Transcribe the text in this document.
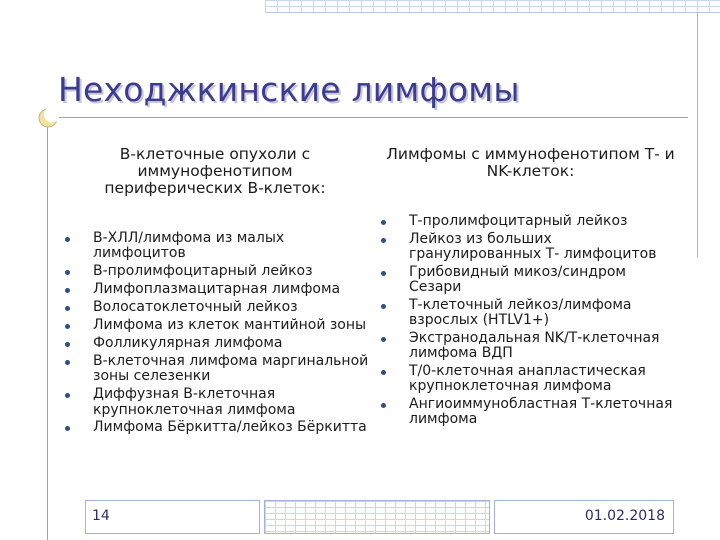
Неходжкинские лимфомы
В-клеточные опухоли с иммунофенотипом периферических В-клеток:
Лимфомы с иммунофенотипом Т- и NK-клеток:
В-ХЛЛ/лимфома из малых лимфоцитов
В-пролимфоцитарный лейкоз
Лимфоплазмацитарная лимфома
Волосатоклеточный лейкоз
Лимфома из клеток мантийной зоны
Фолликулярная лимфома
В-клеточная лимфома маргинальной зоны селезенки
Диффузная В-клеточная крупноклеточная лимфома
Лимфома Бёркитта/лейкоз Бёркитта
Т-пролимфоцитарный лейкоз
Лейкоз из больших гранулированных Т- лимфоцитов
Грибовидный микоз/синдром Сезари
Т-клеточный лейкоз/лимфома взрослых (HTLV1+)
Экстранодальная NK/Т-клеточная лимфома ВДП
Т/0-клеточная анапластическая крупноклеточная лимфома
Ангиоиммунобластная Т-клеточная лимфома
14	01.02.2018
